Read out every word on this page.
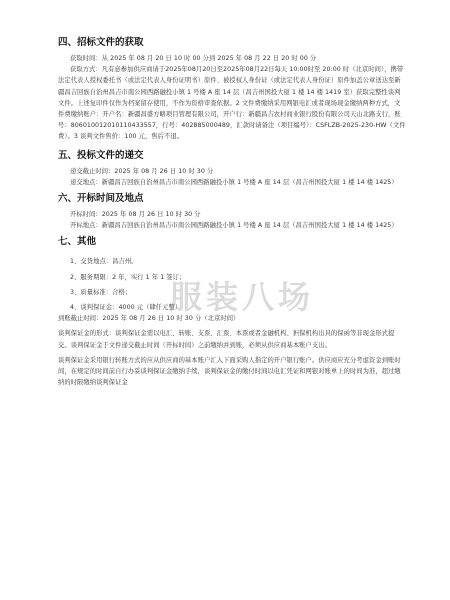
四、招标文件的获取

获取时间：从 2025 年 08 月 20 日 10 时 00 分到 2025 年 08 月 22 日 20 时 00 分

获取方式：凡有意参加供应商请于2025年08月20日至2025年08月22日每天 10:00时至 20:00 时（北京时间），携带法定代表人授权委托书（或法定代表人身份证明书）原件、被授权人身份证（或法定代表人身份证）原件加盖公章送达至新疆昌吉回族自治州昌吉市南公园西路融投小镇 1 号楼 A 座 14 层（昌吉州国投大厦 1 楼 14 楼 1419 室）获取完整性谈判文件。上述复印件仅作为档案留存使用，不作为资格审查依据。2 文件费缴纳采用网银电汇或者现场现金缴纳两种方式，文件费缴纳账户：开户名：新疆昌盛方略项目管理有限公司，开户行：新疆昌吉农村商业银行股份有限公司天山北路支行，账号：806010012010110433557，行号：402885000489，汇款时请备注（项目编号）：CSFLZB-2025-230-HW（文件费）。3 谈判文件售价：100 元，售后不退。

五、投标文件的递交

递交截止时间：2025 年 08 月 26 日 10 时 30 分

递交地点：新疆昌吉回族自治州昌吉市南公园西路融投小镇 1 号楼 A 座 14 层（昌吉州国投大厦 1 楼 14 楼 1425）

六、开标时间及地点

开标时间：2025 年 08 月 26 日 10 时 30 分

开标地点：新疆昌吉回族自治州昌吉市南公园西路融投小镇 1 号楼 A 座 14 层（昌吉州国投大厦 1 楼 14 楼 1425）

七、其他

1、交货地点：昌吉州。

2、服务期限：2 年，实行 1 年 1 签订；

3、质量标准：合格；

4、谈判保证金：4000 元（肆仟元整）

到账截止时间：2025 年 08 月 26 日 10 时 30 分（北京时间）

谈判保证金的形式：谈判保证金需以电汇、转账、支票、汇票、本票或者金融机构、担保机构出具的保函等非现金形式提交。谈判保证金于文件递交截止时间（开标时间）之前缴纳并到账，必须从供应商基本账户支出。

谈判保证金采用银行转账方式的应从供应商的基本账户汇入下面采购人指定的开户银行账户。供应商应充分考虑资金到账时间，在规定的时间前自行办妥谈判保证金缴纳手续，谈判保证金的缴付时间以电汇凭证和网银对账单上的时间为准，超过缴纳的时限缴纳谈判保证金

服装八场
